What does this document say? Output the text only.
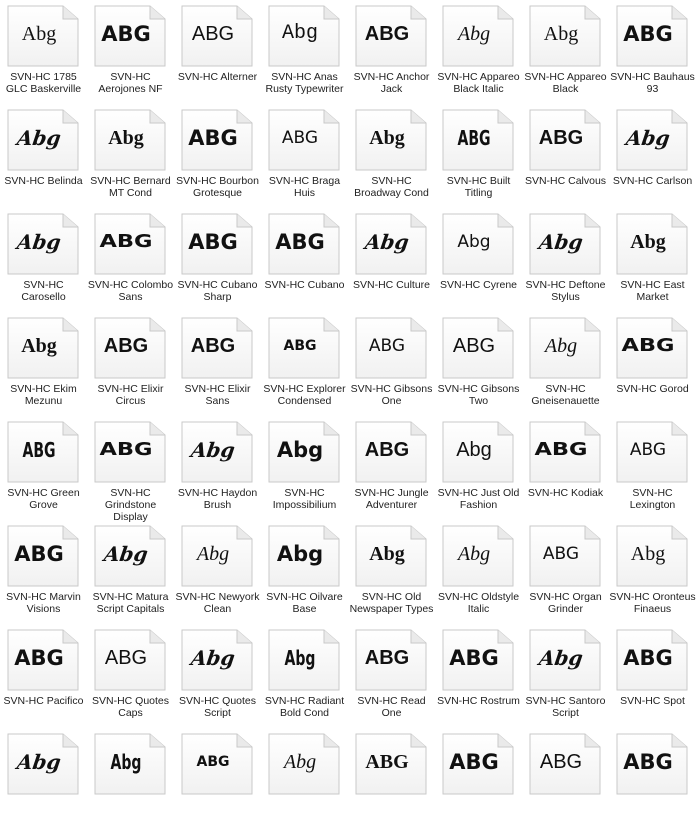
Abg
SVN-HC 1785 GLC Baskerville
ABG
SVN-HC Aerojones NF
ABG
SVN-HC Alterner
Abg
SVN-HC Anas Rusty Typewriter
ABG
SVN-HC Anchor Jack
Abg
SVN-HC Appareo Black Italic
Abg
SVN-HC Appareo Black
ABG
SVN-HC Bauhaus 93
Abg
SVN-HC Belinda
Abg
SVN-HC Bernard MT Cond
ABG
SVN-HC Bourbon Grotesque
ABG
SVN-HC Braga Huis
Abg
SVN-HC Broadway Cond
ABG
SVN-HC Built Titling
ABG
SVN-HC Calvous
Abg
SVN-HC Carlson
Abg
SVN-HC Carosello
ABG
SVN-HC Colombo Sans
ABG
SVN-HC Cubano Sharp
ABG
SVN-HC Cubano
Abg
SVN-HC Culture
Abg
SVN-HC Cyrene
Abg
SVN-HC Deftone Stylus
Abg
SVN-HC East Market
Abg
SVN-HC Ekim Mezunu
ABG
SVN-HC Elixir Circus
ABG
SVN-HC Elixir Sans
ABG
SVN-HC Explorer Condensed
ABG
SVN-HC Gibsons One
ABG
SVN-HC Gibsons Two
Abg
SVN-HC Gneisenauette
ABG
SVN-HC Gorod
ABG
SVN-HC Green Grove
ABG
SVN-HC Grindstone Display
Abg
SVN-HC Haydon Brush
Abg
SVN-HC Impossibilium
ABG
SVN-HC Jungle Adventurer
Abg
SVN-HC Just Old Fashion
ABG
SVN-HC Kodiak
ABG
SVN-HC Lexington
ABG
SVN-HC Marvin Visions
Abg
SVN-HC Matura Script Capitals
Abg
SVN-HC Newyork Clean
Abg
SVN-HC Oilvare Base
Abg
SVN-HC Old Newspaper Types
Abg
SVN-HC Oldstyle Italic
ABG
SVN-HC Organ Grinder
Abg
SVN-HC Oronteus Finaeus
ABG
SVN-HC Pacifico
ABG
SVN-HC Quotes Caps
Abg
SVN-HC Quotes Script
Abg
SVN-HC Radiant Bold Cond
ABG
SVN-HC Read One
ABG
SVN-HC Rostrum
Abg
SVN-HC Santoro Script
ABG
SVN-HC Spot
Abg	Abg	ABG	Abg	ABG	ABG	ABG	ABG
